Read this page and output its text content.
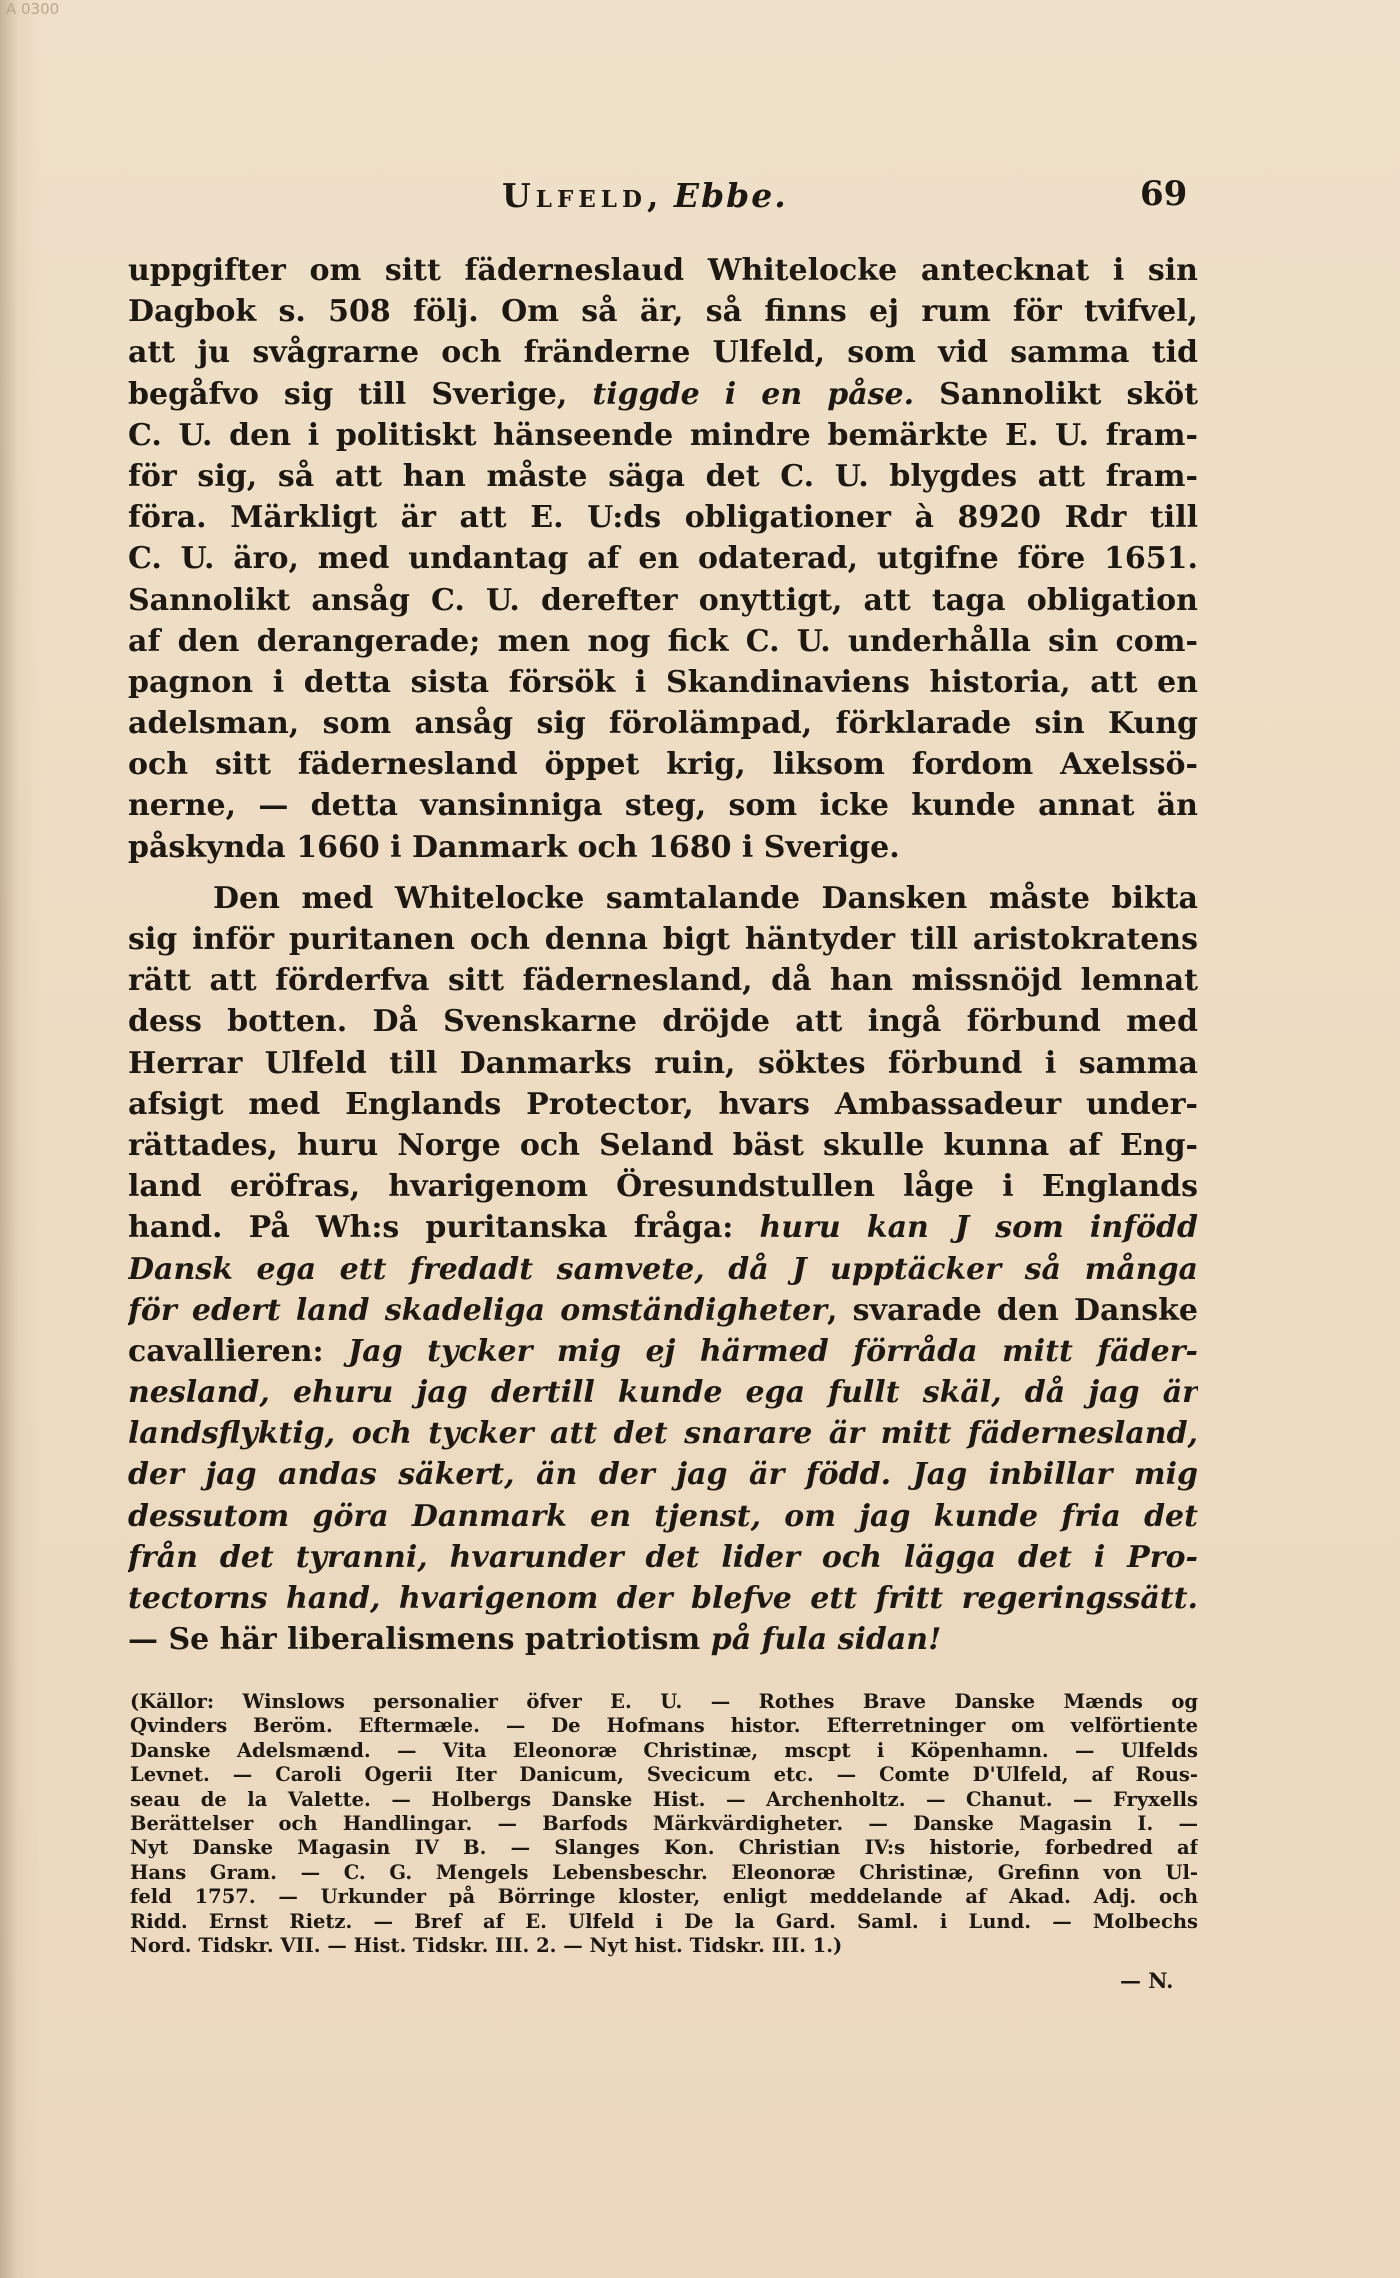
A 0300
Ulfeld, Ebbe.	69
uppgifter om sitt fäderneslaud Whitelocke antecknat i sin
Dagbok s. 508 följ. Om så är, så finns ej rum för tvifvel,
att ju svågrarne och fränderne Ulfeld, som vid samma tid
begåfvo sig till Sverige, tiggde i en påse. Sannolikt sköt
C. U. den i politiskt hänseende mindre bemärkte E. U. fram-
för sig, så att han måste säga det C. U. blygdes att fram-
föra. Märkligt är att E. U:ds obligationer à 8920 Rdr till
C. U. äro, med undantag af en odaterad, utgifne före 1651.
Sannolikt ansåg C. U. derefter onyttigt, att taga obligation
af den derangerade; men nog fick C. U. underhålla sin com-
pagnon i detta sista försök i Skandinaviens historia, att en
adelsman, som ansåg sig förolämpad, förklarade sin Kung
och sitt fädernesland öppet krig, liksom fordom Axelssö-
nerne, — detta vansinniga steg, som icke kunde annat än
påskynda 1660 i Danmark och 1680 i Sverige.
Den med Whitelocke samtalande Dansken måste bikta
sig inför puritanen och denna bigt häntyder till aristokratens
rätt att förderfva sitt fädernesland, då han missnöjd lemnat
dess botten. Då Svenskarne dröjde att ingå förbund med
Herrar Ulfeld till Danmarks ruin, söktes förbund i samma
afsigt med Englands Protector, hvars Ambassadeur under-
rättades, huru Norge och Seland bäst skulle kunna af Eng-
land eröfras, hvarigenom Öresundstullen låge i Englands
hand. På Wh:s puritanska fråga: huru kan J som infödd
Dansk ega ett fredadt samvete, då J upptäcker så många
för edert land skadeliga omständigheter, svarade den Danske
cavallieren: Jag tycker mig ej härmed förråda mitt fäder-
nesland, ehuru jag dertill kunde ega fullt skäl, då jag är
landsflyktig, och tycker att det snarare är mitt fädernesland,
der jag andas säkert, än der jag är född. Jag inbillar mig
dessutom göra Danmark en tjenst, om jag kunde fria det
från det tyranni, hvarunder det lider och lägga det i Pro-
tectorns hand, hvarigenom der blefve ett fritt regeringssätt.
— Se här liberalismens patriotism på fula sidan!
(Källor: Winslows personalier öfver E. U. — Rothes Brave Danske Mænds og
Qvinders Beröm. Eftermæle. — De Hofmans histor. Efterretninger om velförtiente
Danske Adelsmænd. — Vita Eleonoræ Christinæ, mscpt i Köpenhamn. — Ulfelds
Levnet. — Caroli Ogerii Iter Danicum, Svecicum etc. — Comte D'Ulfeld, af Rous-
seau de la Valette. — Holbergs Danske Hist. — Archenholtz. — Chanut. — Fryxells
Berättelser och Handlingar. — Barfods Märkvärdigheter. — Danske Magasin I. —
Nyt Danske Magasin IV B. — Slanges Kon. Christian IV:s historie, forbedred af
Hans Gram. — C. G. Mengels Lebensbeschr. Eleonoræ Christinæ, Grefinn von Ul-
feld 1757. — Urkunder på Börringe kloster, enligt meddelande af Akad. Adj. och
Ridd. Ernst Rietz. — Bref af E. Ulfeld i De la Gard. Saml. i Lund. — Molbechs
Nord. Tidskr. VII. — Hist. Tidskr. III. 2. — Nyt hist. Tidskr. III. 1.)
— N.
